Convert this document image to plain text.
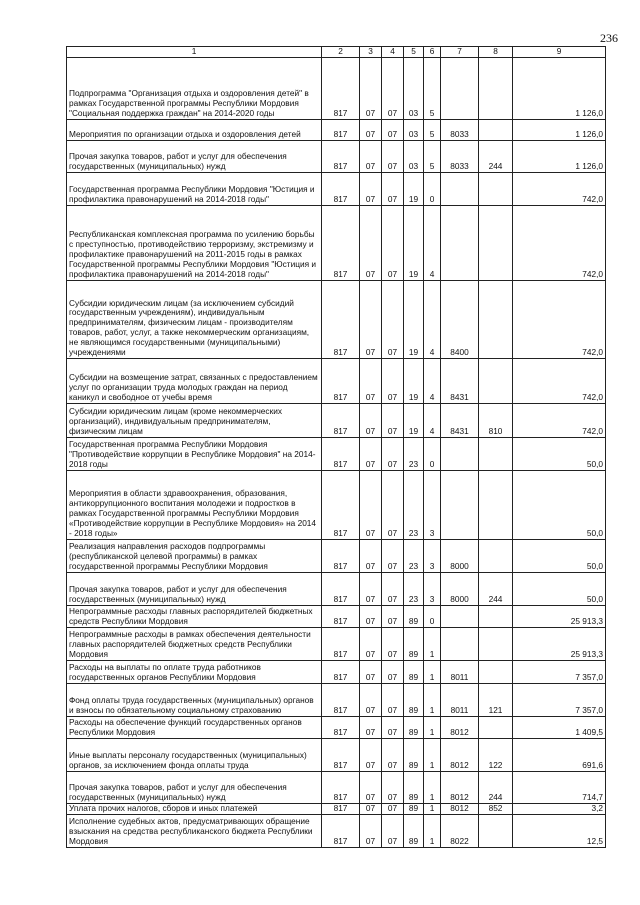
236
1	2	3	4	5	6	7	8	9
Подпрограмма "Организация отдыха и оздоровления детей" в рамках Государственной программы Республики Мордовия "Социальная поддержка граждан" на 2014-2020 годы	817	07	07	03	5			1 126,0
Мероприятия по организации отдыха и оздоровления детей	817	07	07	03	5	8033		1 126,0
Прочая закупка товаров, работ и услуг для обеспечения государственных (муниципальных) нужд	817	07	07	03	5	8033	244	1 126,0
Государственная программа Республики Мордовия "Юстиция и профилактика правонарушений на 2014-2018 годы"	817	07	07	19	0			742,0
Республиканская комплексная программа по усилению борьбы с преступностью, противодействию терроризму, экстремизму и профилактике правонарушений на 2011-2015 годы в рамках Государственной программы Республики Мордовия "Юстиция и профилактика правонарушений на 2014-2018 годы"	817	07	07	19	4			742,0
Субсидии юридическим лицам (за исключением субсидий государственным учреждениям), индивидуальным предпринимателям, физическим лицам - производителям товаров, работ, услуг, а также некоммерческим организациям, не являющимся государственными (муниципальными) учреждениями	817	07	07	19	4	8400		742,0
Субсидии на возмещение затрат, связанных с предоставлением услуг по организации труда молодых граждан на период каникул и свободное от учебы время	817	07	07	19	4	8431		742,0
Субсидии юридическим лицам (кроме некоммерческих организаций), индивидуальным предпринимателям, физическим лицам	817	07	07	19	4	8431	810	742,0
Государственная программа Республики Мордовия "Противодействие коррупции в Республике Мордовия" на 2014-2018 годы	817	07	07	23	0			50,0
Мероприятия в области здравоохранения, образования, антикоррупционного воспитания молодежи и подростков в рамках Государственной программы Республики Мордовия «Противодействие коррупции в Республике Мордовия» на 2014 - 2018 годы»	817	07	07	23	3			50,0
Реализация направления расходов подпрограммы (республиканской целевой программы) в рамках государственной программы Республики Мордовия	817	07	07	23	3	8000		50,0
Прочая закупка товаров, работ и услуг для обеспечения государственных (муниципальных) нужд	817	07	07	23	3	8000	244	50,0
Непрограммные расходы главных распорядителей бюджетных средств Республики Мордовия	817	07	07	89	0			25 913,3
Непрограммные расходы в рамках обеспечения деятельности главных распорядителей бюджетных средств Республики Мордовия	817	07	07	89	1			25 913,3
Расходы на выплаты по оплате труда работников государственных органов Республики Мордовия	817	07	07	89	1	8011		7 357,0
Фонд оплаты труда государственных (муниципальных) органов и взносы по обязательному социальному страхованию	817	07	07	89	1	8011	121	7 357,0
Расходы на обеспечение функций государственных органов Республики Мордовия	817	07	07	89	1	8012		1 409,5
Иные выплаты персоналу государственных (муниципальных) органов, за исключением фонда оплаты труда	817	07	07	89	1	8012	122	691,6
Прочая закупка товаров, работ и услуг для обеспечения государственных (муниципальных) нужд	817	07	07	89	1	8012	244	714,7
Уплата прочих налогов, сборов и иных платежей	817	07	07	89	1	8012	852	3,2
Исполнение судебных актов, предусматривающих обращение взыскания на средства республиканского бюджета Республики Мордовия	817	07	07	89	1	8022		12,5
